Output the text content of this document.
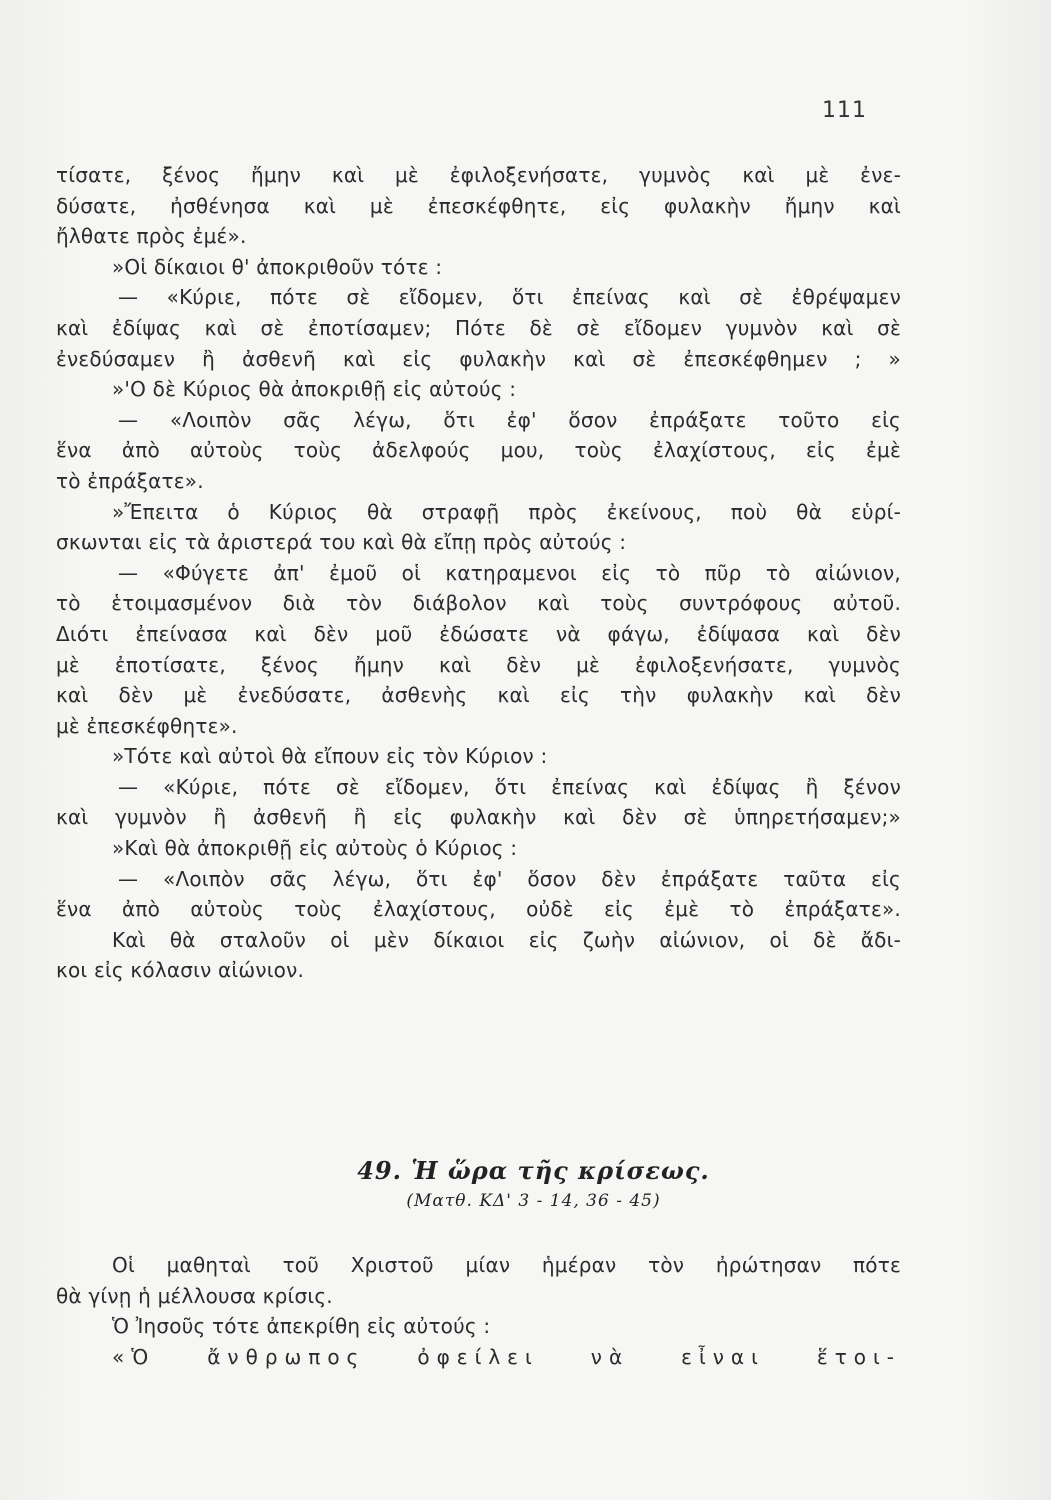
111
τίσατε, ξένος ἤμην καὶ μὲ ἐφιλοξενήσατε, γυμνὸς καὶ μὲ ἐνε-
δύσατε, ἠσθένησα καὶ μὲ ἐπεσκέφθητε, εἰς φυλακὴν ἤμην καὶ
ἤλθατε πρὸς ἐμέ».
»Οἱ δίκαιοι θ' ἀποκριθοῦν τότε :
— «Κύριε, πότε σὲ εἴδομεν, ὅτι ἐπείνας καὶ σὲ ἐθρέψαμεν
καὶ ἐδίψας καὶ σὲ ἐποτίσαμεν; Πότε δὲ σὲ εἴδομεν γυμνὸν καὶ σὲ
ἐνεδύσαμεν ἢ ἀσθενῆ καὶ εἰς φυλακὴν καὶ σὲ ἐπεσκέφθημεν ; »
»'Ο δὲ Κύριος θὰ ἀποκριθῇ εἰς αὐτούς :
— «Λοιπὸν σᾶς λέγω, ὅτι ἐφ' ὅσον ἐπράξατε τοῦτο εἰς
ἕνα ἀπὸ αὐτοὺς τοὺς ἀδελφούς μου, τοὺς ἐλαχίστους, εἰς ἐμὲ
τὸ ἐπράξατε».
»Ἔπειτα ὁ Κύριος θὰ στραφῇ πρὸς ἐκείνους, ποὺ θὰ εὑρί-
σκωνται εἰς τὰ ἀριστερά του καὶ θὰ εἴπῃ πρὸς αὐτούς :
— «Φύγετε ἀπ' ἐμοῦ οἱ κατηραμενοι εἰς τὸ πῦρ τὸ αἰώνιον,
τὸ ἑτοιμασμένον διὰ τὸν διάβολον καὶ τοὺς συντρόφους αὐτοῦ.
Διότι ἐπείνασα καὶ δὲν μοῦ ἐδώσατε νὰ φάγω, ἐδίψασα καὶ δὲν
μὲ ἐποτίσατε, ξένος ἤμην καὶ δὲν μὲ ἐφιλοξενήσατε, γυμνὸς
καὶ δὲν μὲ ἐνεδύσατε, ἀσθενὴς καὶ εἰς τὴν φυλακὴν καὶ δὲν
μὲ ἐπεσκέφθητε».
»Τότε καὶ αὐτοὶ θὰ εἴπουν εἰς τὸν Κύριον :
— «Κύριε, πότε σὲ εἴδομεν, ὅτι ἐπείνας καὶ ἐδίψας ἢ ξένον
καὶ γυμνὸν ἢ ἀσθενῆ ἢ εἰς φυλακὴν καὶ δὲν σὲ ὑπηρετήσαμεν;»
»Καὶ θὰ ἀποκριθῇ εἰς αὐτοὺς ὁ Κύριος :
— «Λοιπὸν σᾶς λέγω, ὅτι ἐφ' ὅσον δὲν ἐπράξατε ταῦτα εἰς
ἕνα ἀπὸ αὐτοὺς τοὺς ἐλαχίστους, οὐδὲ εἰς ἐμὲ τὸ ἐπράξατε».
Καὶ θὰ σταλοῦν οἱ μὲν δίκαιοι εἰς ζωὴν αἰώνιον, οἱ δὲ ἄδι-
κοι εἰς κόλασιν αἰώνιον.
49. Ἡ ὥρα τῆς κρίσεως.
(Ματθ. ΚΔ' 3 - 14, 36 - 45)
Οἱ μαθηταὶ τοῦ Χριστοῦ μίαν ἡμέραν τὸν ἠρώτησαν πότε
θὰ γίνῃ ἡ μέλλουσα κρίσις.
Ὁ Ἰησοῦς τότε ἀπεκρίθη εἰς αὐτούς :
«Ὁ ἄνθρωπος ὀφείλει νὰ εἶναι ἕτοι-
